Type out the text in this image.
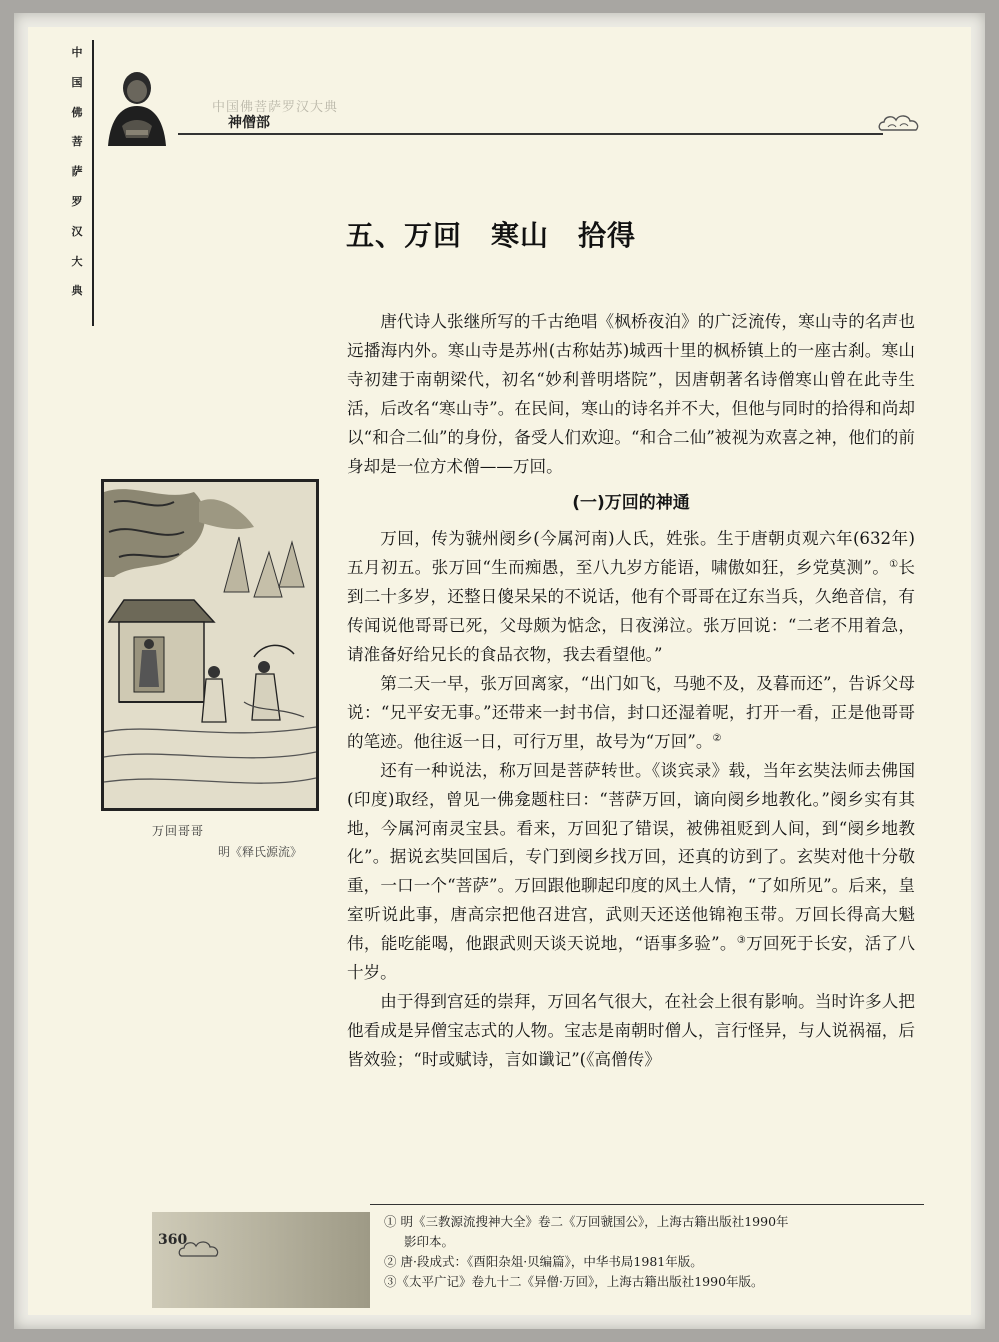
中
国
佛
菩
萨
罗
汉
大
典
中国佛菩萨罗汉大典
神僧部
五、万回　寒山　拾得
万回哥哥
明《释氏源流》

唐代诗人张继所写的千古绝唱《枫桥夜泊》的广泛流传，寒山寺的名声也远播海内外。寒山寺是苏州(古称姑苏)城西十里的枫桥镇上的一座古刹。寒山寺初建于南朝梁代，初名“妙利普明塔院”，因唐朝著名诗僧寒山曾在此寺生活，后改名“寒山寺”。在民间，寒山的诗名并不大，但他与同时的拾得和尚却以“和合二仙”的身份，备受人们欢迎。“和合二仙”被视为欢喜之神，他们的前身却是一位方术僧——万回。

(一)万回的神通

万回，传为虢州阌乡(今属河南)人氏，姓张。生于唐朝贞观六年(632年)五月初五。张万回“生而痴愚，至八九岁方能语，啸傲如狂，乡党莫测”。①长到二十多岁，还整日傻呆呆的不说话，他有个哥哥在辽东当兵，久绝音信，有传闻说他哥哥已死，父母颇为惦念，日夜涕泣。张万回说：“二老不用着急，请准备好给兄长的食品衣物，我去看望他。”

第二天一早，张万回离家，“出门如飞，马驰不及，及暮而还”，告诉父母说：“兄平安无事。”还带来一封书信，封口还湿着呢，打开一看，正是他哥哥的笔迹。他往返一日，可行万里，故号为“万回”。②

还有一种说法，称万回是菩萨转世。《谈宾录》载，当年玄奘法师去佛国(印度)取经，曾见一佛龛题柱曰：“菩萨万回，谪向阌乡地教化。”阌乡实有其地，今属河南灵宝县。看来，万回犯了错误，被佛祖贬到人间，到“阌乡地教化”。据说玄奘回国后，专门到阌乡找万回，还真的访到了。玄奘对他十分敬重，一口一个“菩萨”。万回跟他聊起印度的风土人情，“了如所见”。后来，皇室听说此事，唐高宗把他召进宫，武则天还送他锦袍玉带。万回长得高大魁伟，能吃能喝，他跟武则天谈天说地，“语事多验”。③万回死于长安，活了八十岁。

由于得到宫廷的崇拜，万回名气很大，在社会上很有影响。当时许多人把他看成是异僧宝志式的人物。宝志是南朝时僧人，言行怪异，与人说祸福，后皆效验；“时或赋诗，言如谶记”(《高僧传》

360

① 明《三教源流搜神大全》卷二《万回虢国公》，上海古籍出版社1990年

影印本。

② 唐·段成式：《酉阳杂俎·贝编篇》，中华书局1981年版。

③《太平广记》卷九十二《异僧·万回》，上海古籍出版社1990年版。
